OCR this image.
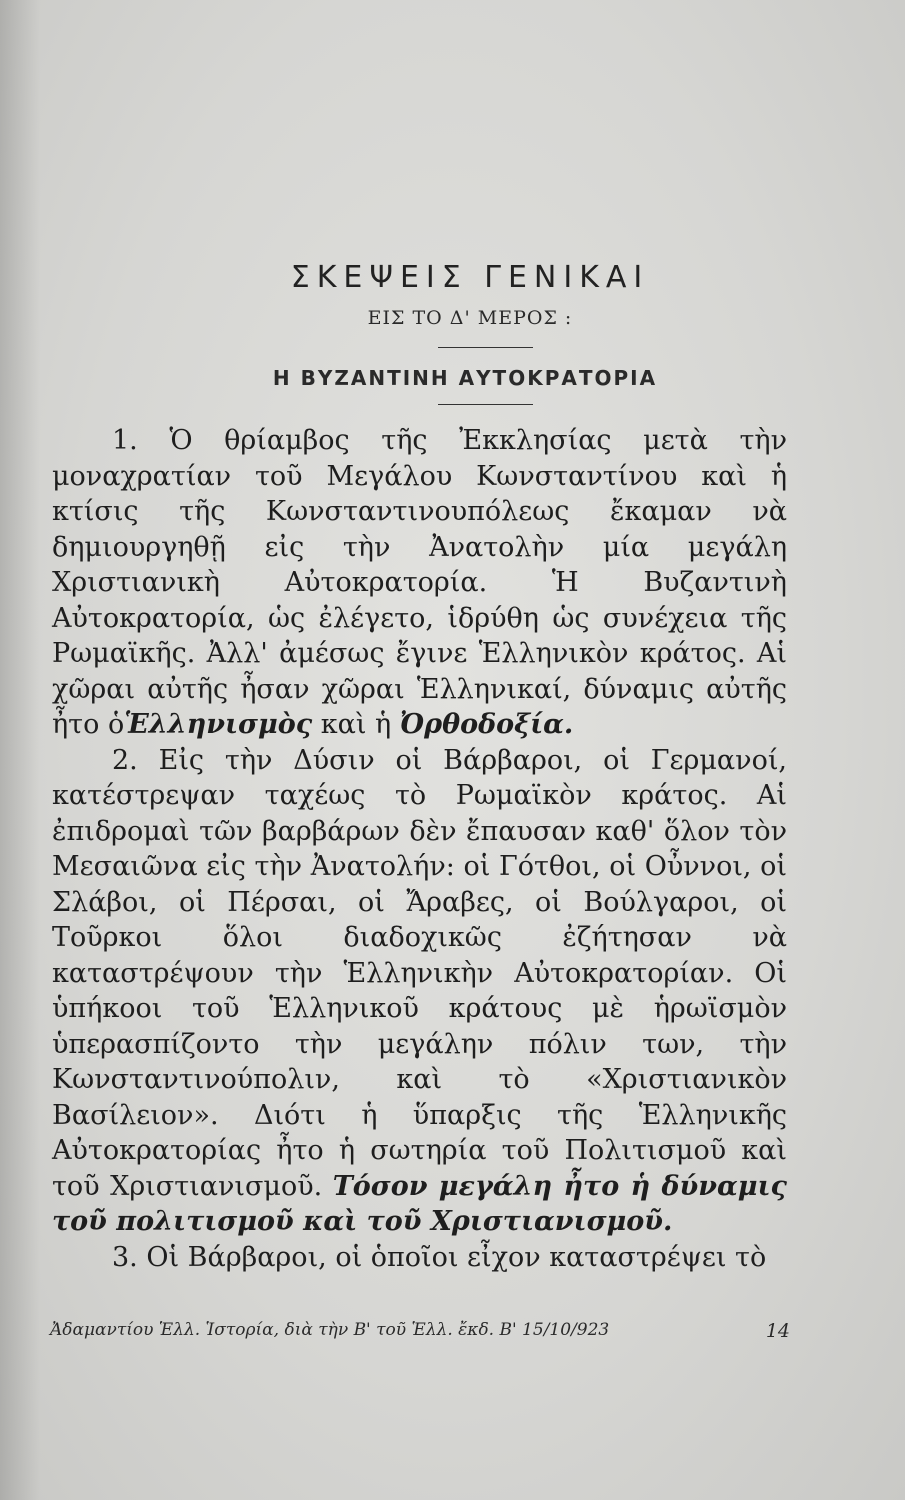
ΣΚΕΨΕΙΣ ΓΕΝΙΚΑΙ
ΕΙΣ ΤΟ Δ' ΜΕΡΟΣ :
Η ΒΥΖΑΝΤΙΝΗ ΑΥΤΟΚΡΑΤΟΡΙΑ

1. Ὁ θρίαμβος τῆς Ἐκκλησίας μετὰ τὴν μοναχρατίαν τοῦ Μεγάλου Κωνσταντίνου καὶ ἡ κτίσις τῆς Κωνσταντινουπόλεως ἔκαμαν νὰ δημιουργηθῇ εἰς τὴν Ἀνατολὴν μία μεγάλη Χριστιανικὴ Αὐτοκρατορία. Ἡ Βυζαντινὴ Αὐτοκρατορία, ὡς ἐλέγετο, ἱδρύθη ὡς συνέχεια τῆς Ρωμαϊκῆς. Ἀλλ' ἀμέσως ἔγινε Ἑλληνικὸν κράτος. Αἱ χῶραι αὐτῆς ἦσαν χῶραι Ἑλληνικαί, δύναμις αὐτῆς ἦτο ὁἙλληνισμὸς καὶ ἡ Ὀρθοδοξία.

2. Εἰς τὴν Δύσιν οἱ Βάρβαροι, οἱ Γερμανοί, κατέστρεψαν ταχέως τὸ Ρωμαϊκὸν κράτος. Αἱ ἐπιδρομαὶ τῶν βαρβάρων δὲν ἔπαυσαν καθ' ὅλον τὸν Μεσαιῶνα εἰς τὴν Ἀνατολήν: οἱ Γότθοι, οἱ Οὖννοι, οἱ Σλάβοι, οἱ Πέρσαι, οἱ Ἄραβες, οἱ Βούλγαροι, οἱ Τοῦρκοι ὅλοι διαδοχικῶς ἐζήτησαν νὰ καταστρέψουν τὴν Ἑλληνικὴν Αὐτοκρατορίαν. Οἱ ὑπήκοοι τοῦ Ἑλληνικοῦ κράτους μὲ ἡρωϊσμὸν ὑπερασπίζοντο τὴν μεγάλην πόλιν των, τὴν Κωνσταντινούπολιν, καὶ τὸ «Χριστιανικὸν Βασίλειον». Διότι ἡ ὕπαρξις τῆς Ἑλληνικῆς Αὐτοκρατορίας ἦτο ἡ σωτηρία τοῦ Πολιτισμοῦ καὶ τοῦ Χριστιανισμοῦ. Τόσον μεγάλη ἦτο ἡ δύναμις τοῦ πολιτισμοῦ καὶ τοῦ Χριστιανισμοῦ.

3. Οἱ Βάρβαροι, οἱ ὁποῖοι εἶχον καταστρέψει τὸ

Ἀδαμαντίου Ἑλλ. Ἱστορία, διὰ τὴν Β' τοῦ Ἑλλ. ἔκδ. Β' 15/10/923	14
